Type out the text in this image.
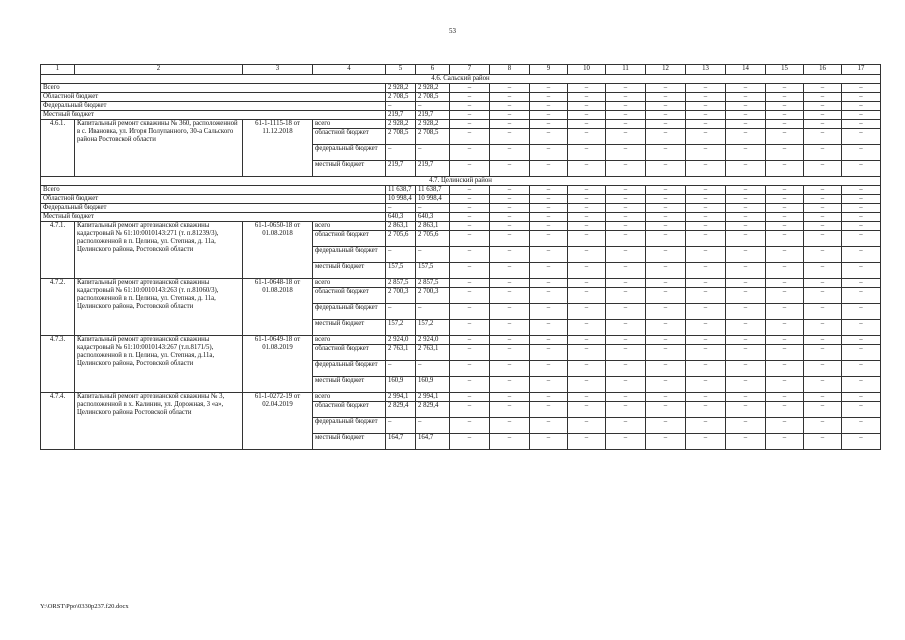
53
1	2	3	4	5	6	7	8	9	10	11	12	13	14	15	16	17
4.6. Сальский район																
Всего				2 928,2	2 928,2	–	–	–	–	–	–	–	–	–	–	–
Областной бюджет				2 708,5	2 708,5	–	–	–	–	–	–	–	–	–	–	–
Федеральный бюджет				–	–	–	–	–	–	–	–	–	–	–	–	–
Местный бюджет				219,7	219,7	–	–	–	–	–	–	–	–	–	–	–
4.6.1.	Капитальный ремонт скважины № 360, расположенной в с. Ивановка, ул. Игоря Полупанного, 30-а Сальского района Ростовской области	61-1-1115-18 от 11.12.2018	всего	2 928,2	2 928,2	–	–	–	–	–	–	–	–	–	–	–
			областной бюджет	2 708,5	2 708,5	–	–	–	–	–	–	–	–	–	–	–
			федеральный бюджет	–	–	–	–	–	–	–	–	–	–	–	–	–
			местный бюджет	219,7	219,7	–	–	–	–	–	–	–	–	–	–	–
4.7. Целинский район																
Всего				11 638,7	11 638,7	–	–	–	–	–	–	–	–	–	–	–
Областной бюджет				10 998,4	10 998,4	–	–	–	–	–	–	–	–	–	–	–
Федеральный бюджет				–	–	–	–	–	–	–	–	–	–	–	–	–
Местный бюджет				640,3	640,3	–	–	–	–	–	–	–	–	–	–	–
4.7.1.	Капитальный ремонт артезианской скважины кадастровый № 61:10:0010143:271 (т. п.81239/3), расположенной в п. Целина, ул. Степная, д. 11а, Целинского района, Ростовской области	61-1-0650-18 от 01.08.2018	всего	2 863,1	2 863,1	–	–	–	–	–	–	–	–	–	–	–
			областной бюджет	2 705,6	2 705,6	–	–	–	–	–	–	–	–	–	–	–
			федеральный бюджет	–	–	–	–	–	–	–	–	–	–	–	–	–
			местный бюджет	157,5	157,5	–	–	–	–	–	–	–	–	–	–	–
4.7.2.	Капитальный ремонт артезианской скважины кадастровый № 61:10:0010143:263 (т. п.81060/3), расположенной в п. Целина, ул. Степная, д. 11а, Целинского района, Ростовской области	61-1-0648-18 от 01.08.2018	всего	2 857,5	2 857,5	–	–	–	–	–	–	–	–	–	–	–
			областной бюджет	2 700,3	2 700,3	–	–	–	–	–	–	–	–	–	–	–
			федеральный бюджет	–	–	–	–	–	–	–	–	–	–	–	–	–
			местный бюджет	157,2	157,2	–	–	–	–	–	–	–	–	–	–	–
4.7.3.	Капитальный ремонт артезианской скважины кадастровый № 61:10:0010143:267 (т.п.8171/5), расположенной в п. Целина, ул. Степная, д.11а, Целинского района, Ростовской области	61-1-0649-18 от 01.08.2019	всего	2 924,0	2 924,0	–	–	–	–	–	–	–	–	–	–	–
			областной бюджет	2 763,1	2 763,1	–	–	–	–	–	–	–	–	–	–	–
			федеральный бюджет	–	–	–	–	–	–	–	–	–	–	–	–	–
			местный бюджет	160,9	160,9	–	–	–	–	–	–	–	–	–	–	–
4.7.4.	Капитальный ремонт артезианской скважины № 3, расположенной в х. Калинин, ул. Дорожная, 3 «а», Целинского района Ростовской области	61-1-0272-19 от 02.04.2019	всего	2 994,1	2 994,1	–	–	–	–	–	–	–	–	–	–	–
			областной бюджет	2 829,4	2 829,4	–	–	–	–	–	–	–	–	–	–	–
			федеральный бюджет	–	–	–	–	–	–	–	–	–	–	–	–	–
			местный бюджет	164,7	164,7	–	–	–	–	–	–	–	–	–	–	–
Y:\ORST\Ppo\0330p237.f20.docx
